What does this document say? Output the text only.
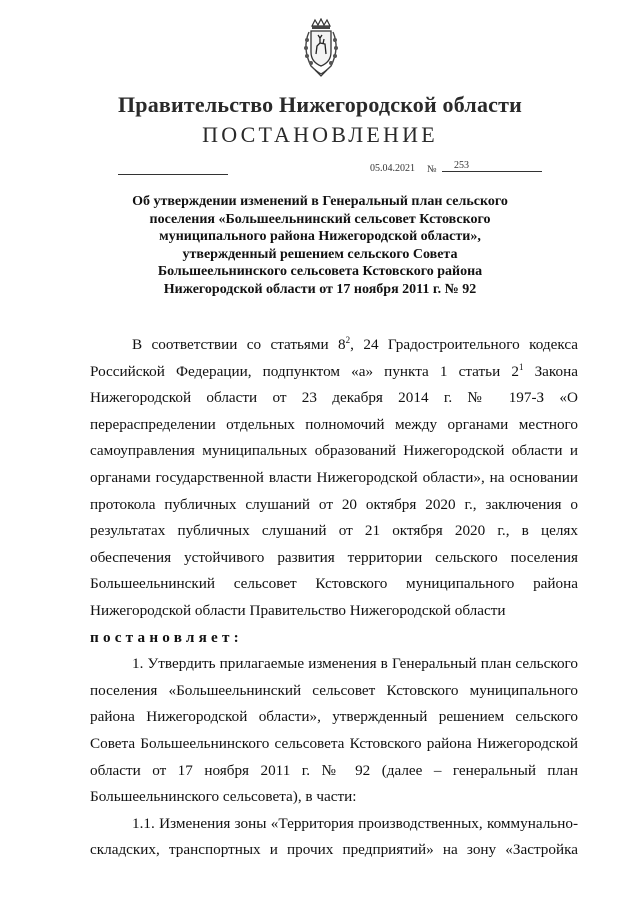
Правительство Нижегородской области
ПОСТАНОВЛЕНИЕ
05.04.2021 №	253
Об утверждении изменений в Генеральный план сельского
поселения «Большеельнинский сельсовет Кстовского
муниципального района Нижегородской области»,
утвержденный решением сельского Совета
Большеельнинского сельсовета Кстовского района
Нижегородской области от 17 ноября 2011 г. № 92

В соответствии со статьями $8^2$, 24 Градостроительного кодекса Российской Федерации, подпунктом «а» пункта 1 статьи $2^1$ Закона Нижегородской области от 23 декабря 2014 г. № 197-З «О перераспределении отдельных полномочий между органами местного самоуправления муниципальных образований Нижегородской области и органами государственной власти Нижегородской области», на основании протокола публичных слушаний от 20 октября 2020 г., заключения о результатах публичных слушаний от 21 октября 2020 г., в целях обеспечения устойчивого развития территории сельского поселения Большеельнинский сельсовет Кстовского муниципального района Нижегородской области Правительство Нижегородской области

постановляет:

1. Утвердить прилагаемые изменения в Генеральный план сельского поселения «Большеельнинский сельсовет Кстовского муниципального района Нижегородской области», утвержденный решением сельского Совета Большеельнинского сельсовета Кстовского района Нижегородской области от 17 ноября 2011 г. № 92 (далее – генеральный план Большеельнинского сельсовета), в части:

1.1. Изменения зоны «Территория производственных, коммунально-складских, транспортных и прочих предприятий» на зону «Застройка
